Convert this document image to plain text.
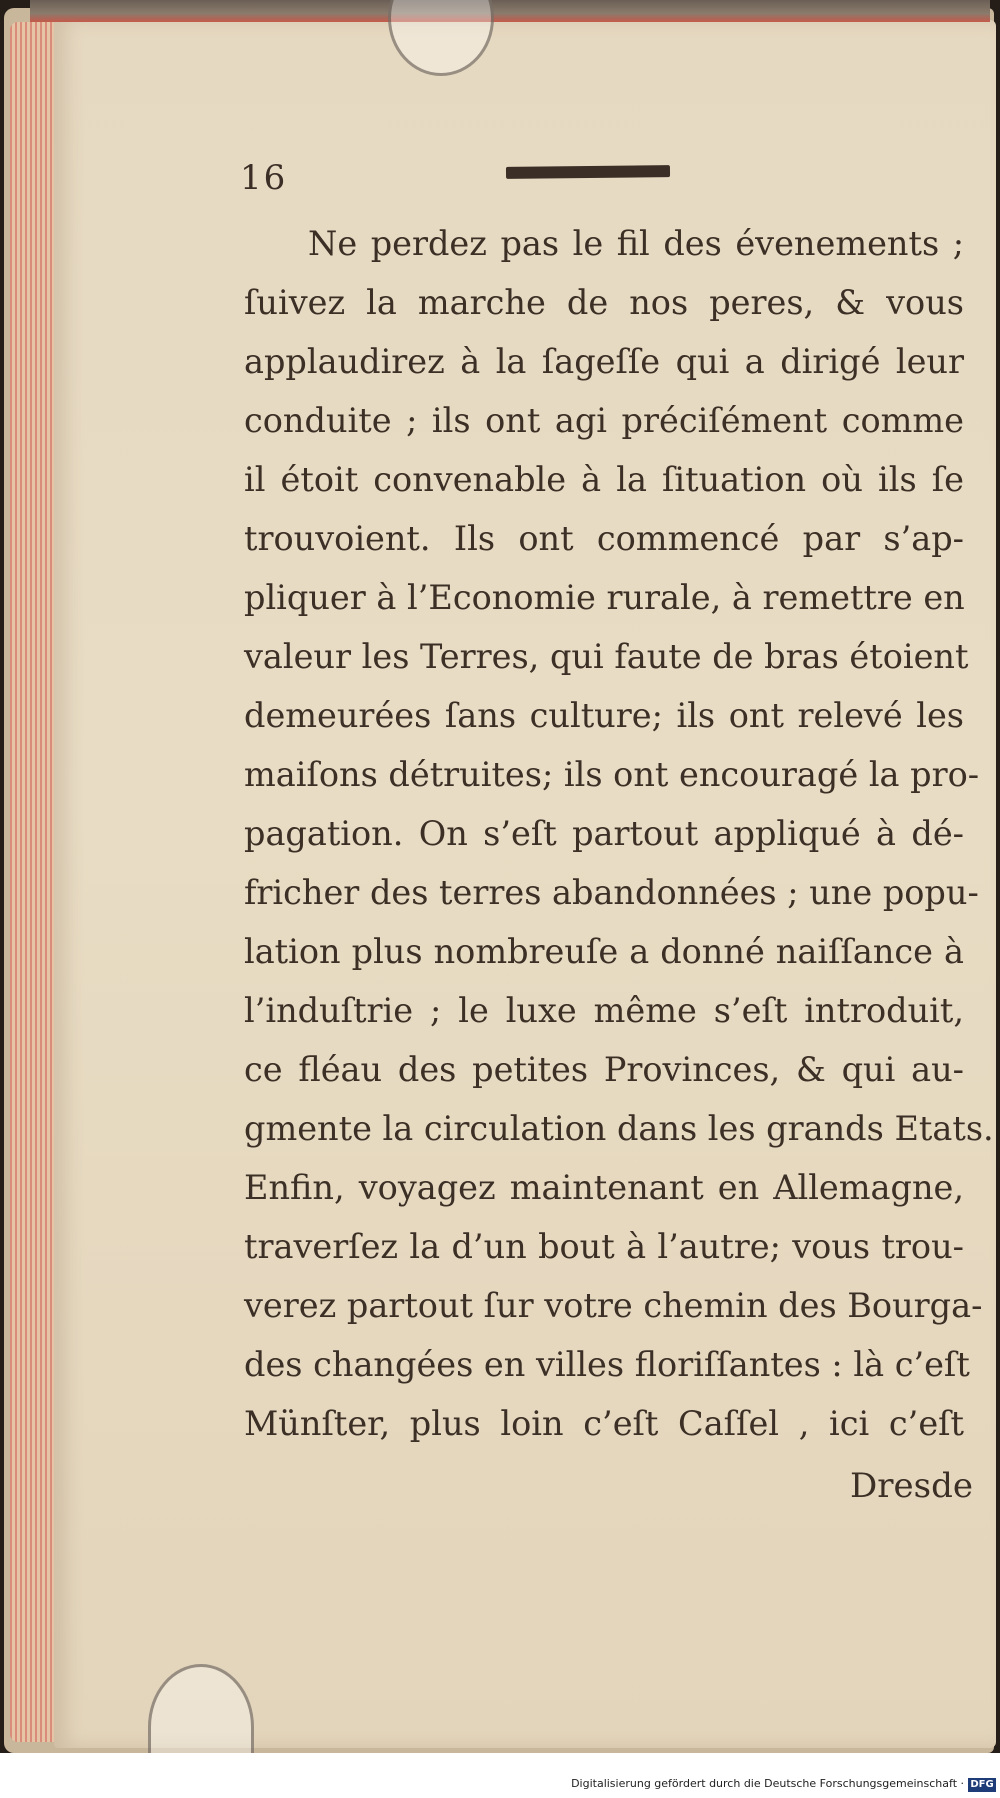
16
Ne perdez pas le fil des évenements ;
ſuivez la marche de nos peres, & vous
applaudirez à la ſageſſe qui a dirigé leur
conduite ; ils ont agi préciſément comme
il étoit convenable à la ſituation où ils ſe
trouvoient. Ils ont commencé par s’ap-
pliquer à l’Economie rurale, à remettre en
valeur les Terres, qui faute de bras étoient
demeurées ſans culture; ils ont relevé les
maiſons détruites; ils ont encouragé la pro-
pagation. On s’eſt partout appliqué à dé-
fricher des terres abandonnées ; une popu-
lation plus nombreuſe a donné naiſſance à
l’induſtrie ; le luxe même s’eſt introduit,
ce fléau des petites Provinces, & qui au-
gmente la circulation dans les grands Etats.
Enfin, voyagez maintenant en Allemagne,
traverſez la d’un bout à l’autre; vous trou-
verez partout ſur votre chemin des Bourga-
des changées en villes floriſſantes : là c’eſt
Münſter, plus loin c’eſt Caſſel , ici c’eſt
Dresde
Digitalisierung gefördert durch die Deutsche Forschungsgemeinschaft · DFG
